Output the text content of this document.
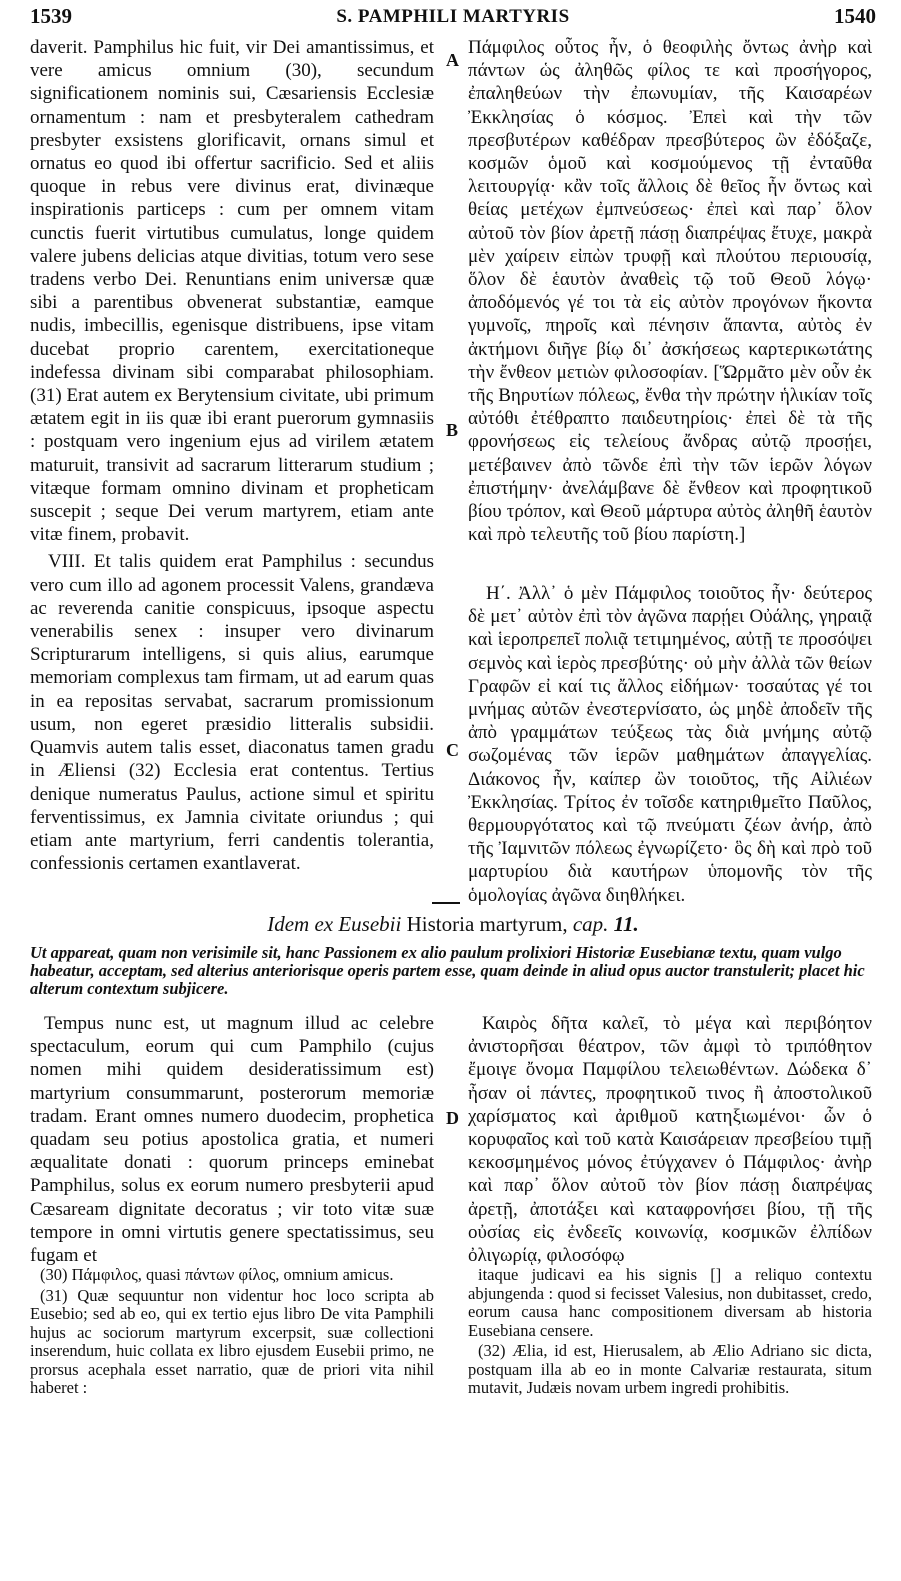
1539	S. PAMPHILI MARTYRIS	1540

daverit. Pamphilus hic fuit, vir Dei amantissimus, et vere amicus omnium (30), secundum significationem nominis sui, Cæsariensis Ecclesiæ ornamentum : nam et presbyteralem cathedram presbyter exsistens glorificavit, ornans simul et ornatus eo quod ibi offertur sacrificio. Sed et aliis quoque in rebus vere divinus erat, divinæque inspirationis particeps : cum per omnem vitam cunctis fuerit virtutibus cumulatus, longe quidem valere jubens delicias atque divitias, totum vero sese tradens verbo Dei. Renuntians enim universæ quæ sibi a parentibus obvenerat substantiæ, eamque nudis, imbecillis, egenisque distribuens, ipse vitam ducebat proprio carentem, exercitationeque indefessa divinam sibi comparabat philosophiam. (31) Erat autem ex Berytensium civitate, ubi primum ætatem egit in iis quæ ibi erant puerorum gymnasiis : postquam vero ingenium ejus ad virilem ætatem maturuit, transivit ad sacrarum litterarum studium ; vitæque formam omnino divinam et propheticam suscepit ; seque Dei verum martyrem, etiam ante vitæ finem, probavit.

VIII. Et talis quidem erat Pamphilus : secundus vero cum illo ad agonem processit Valens, grandæva ac reverenda canitie conspicuus, ipsoque aspectu venerabilis senex : insuper vero divinarum Scripturarum intelligens, si quis alius, earumque memoriam complexus tam firmam, ut ad earum quas in ea repositas servabat, sacrarum promissionum usum, non egeret præsidio litteralis subsidii. Quamvis autem talis esset, diaconatus tamen gradu in Æliensi (32) Ecclesia erat contentus. Tertius denique numeratus Paulus, actione simul et spiritu ferventissimus, ex Jamnia civitate oriundus ; qui etiam ante martyrium, ferri candentis tolerantia, confessionis certamen exantlaverat.

A
B
C
D

Πάμφιλος οὗτος ἦν, ὁ θεοφιλὴς ὄντως ἀνὴρ καὶ πάντων ὡς ἀληθῶς φίλος τε καὶ προσήγορος, ἐπαληθεύων τὴν ἐπωνυμίαν, τῆς Καισαρέων Ἐκκλησίας ὁ κόσμος. Ἐπεὶ καὶ τὴν τῶν πρεσβυτέρων καθέδραν πρεσβύτερος ὢν ἐδόξαζε, κοσμῶν ὁμοῦ καὶ κοσμούμενος τῇ ἐνταῦθα λειτουργίᾳ· κἂν τοῖς ἄλλοις δὲ θεῖος ἦν ὄντως καὶ θείας μετέχων ἐμπνεύσεως· ἐπεὶ καὶ παρ᾽ ὅλον αὐτοῦ τὸν βίον ἀρετῇ πάσῃ διαπρέψας ἔτυχε, μακρὰ μὲν χαίρειν εἰπὼν τρυφῇ καὶ πλούτου περιουσίᾳ, ὅλον δὲ ἑαυτὸν ἀναθεὶς τῷ τοῦ Θεοῦ λόγῳ· ἀποδόμενός γέ τοι τὰ εἰς αὐτὸν προγόνων ἥκοντα γυμνοῖς, πηροῖς καὶ πένησιν ἅπαντα, αὐτὸς ἐν ἀκτήμονι διῆγε βίῳ δι᾽ ἀσκήσεως καρτερικωτάτης τὴν ἔνθεον μετιὼν φιλοσοφίαν. [Ὥρμᾶτο μὲν οὖν ἐκ τῆς Βηρυτίων πόλεως, ἔνθα τὴν πρώτην ἡλικίαν τοῖς αὐτόθι ἐτέθραπτο παιδευτηρίοις· ἐπεὶ δὲ τὰ τῆς φρονήσεως εἰς τελείους ἄνδρας αὐτῷ προσῄει, μετέβαινεν ἀπὸ τῶνδε ἐπὶ τὴν τῶν ἱερῶν λόγων ἐπιστήμην· ἀνελάμβανε δὲ ἔνθεον καὶ προφητικοῦ βίου τρόπον, καὶ Θεοῦ μάρτυρα αὐτὸς ἀληθῆ ἑαυτὸν καὶ πρὸ τελευτῆς τοῦ βίου παρίστη.]

Η΄. Ἀλλ᾽ ὁ μὲν Πάμφιλος τοιοῦτος ἦν· δεύτερος δὲ μετ᾽ αὐτὸν ἐπὶ τὸν ἀγῶνα παρῄει Οὐάλης, γηραιᾷ καὶ ἱεροπρεπεῖ πολιᾷ τετιμημένος, αὐτῇ τε προσόψει σεμνὸς καὶ ἱερὸς πρεσβύτης· οὐ μὴν ἀλλὰ τῶν θείων Γραφῶν εἰ καί τις ἄλλος εἰδήμων· τοσαύτας γέ τοι μνήμας αὐτῶν ἐνεστερνίσατο, ὡς μηδὲ ἀποδεῖν τῆς ἀπὸ γραμμάτων τεύξεως τὰς διὰ μνήμης αὐτῷ σωζομένας τῶν ἱερῶν μαθημάτων ἀπαγγελίας. Διάκονος ἦν, καίπερ ὢν τοιοῦτος, τῆς Αἰλιέων Ἐκκλησίας. Τρίτος ἐν τοῖσδε κατηριθμεῖτο Παῦλος, θερμουργότατος καὶ τῷ πνεύματι ζέων ἀνήρ, ἀπὸ τῆς Ἰαμνιτῶν πόλεως ἐγνωρίζετο· ὃς δὴ καὶ πρὸ τοῦ μαρτυρίου διὰ καυτήρων ὑπομονῆς τὸν τῆς ὁμολογίας ἀγῶνα διηθλήκει.

Idem ex Eusebii Historia martyrum, cap. 11.
Ut appareat, quam non verisimile sit, hanc Passionem ex alio paulum prolixiori Historiæ Eusebianæ textu, quam vulgo habeatur, acceptam, sed alterius anteriorisque operis partem esse, quam deinde in aliud opus auctor transtulerit; placet hic alterum contextum subjicere.

Tempus nunc est, ut magnum illud ac celebre spectaculum, eorum qui cum Pamphilo (cujus nomen mihi quidem desideratissimum est) martyrium consummarunt, posterorum memoriæ tradam. Erant omnes numero duodecim, prophetica quadam seu potius apostolica gratia, et numeri æqualitate donati : quorum princeps eminebat Pamphilus, solus ex eorum numero presbyterii apud Cæsaream dignitate decoratus ; vir toto vitæ suæ tempore in omni virtutis genere spectatissimus, seu fugam et

Καιρὸς δῆτα καλεῖ, τὸ μέγα καὶ περιβόητον ἀνιστορῆσαι θέατρον, τῶν ἀμφὶ τὸ τριπόθητον ἔμοιγε ὄνομα Παμφίλου τελειωθέντων. Δώδεκα δ᾽ ἦσαν οἱ πάντες, προφητικοῦ τινος ἢ ἀποστολικοῦ χαρίσματος καὶ ἀριθμοῦ κατηξιωμένοι· ὧν ὁ κορυφαῖος καὶ τοῦ κατὰ Καισάρειαν πρεσβείου τιμῇ κεκοσμημένος μόνος ἐτύγχανεν ὁ Πάμφιλος· ἀνὴρ καὶ παρ᾽ ὅλον αὐτοῦ τὸν βίον πάσῃ διαπρέψας ἀρετῇ, ἀποτάξει καὶ καταφρονήσει βίου, τῇ τῆς οὐσίας εἰς ἐνδεεῖς κοινωνίᾳ, κοσμικῶν ἐλπίδων ὀλιγωρίᾳ, φιλοσόφῳ

(30) Πάμφιλος, quasi πάντων φίλος, omnium amicus.

(31) Quæ sequuntur non videntur hoc loco scripta ab Eusebio; sed ab eo, qui ex tertio ejus libro De vita Pamphili hujus ac sociorum martyrum excerpsit, suæ collectioni inserendum, huic collata ex libro ejusdem Eusebii primo, ne prorsus acephala esset narratio, quæ de priori vita nihil haberet :

itaque judicavi ea his signis [] a reliquo contextu abjungenda : quod si fecisset Valesius, non dubitasset, credo, eorum causa hanc compositionem diversam ab historia Eusebiana censere.

(32) Ælia, id est, Hierusalem, ab Ælio Adriano sic dicta, postquam illa ab eo in monte Calvariæ restaurata, situm mutavit, Judæis novam urbem ingredi prohibitis.
